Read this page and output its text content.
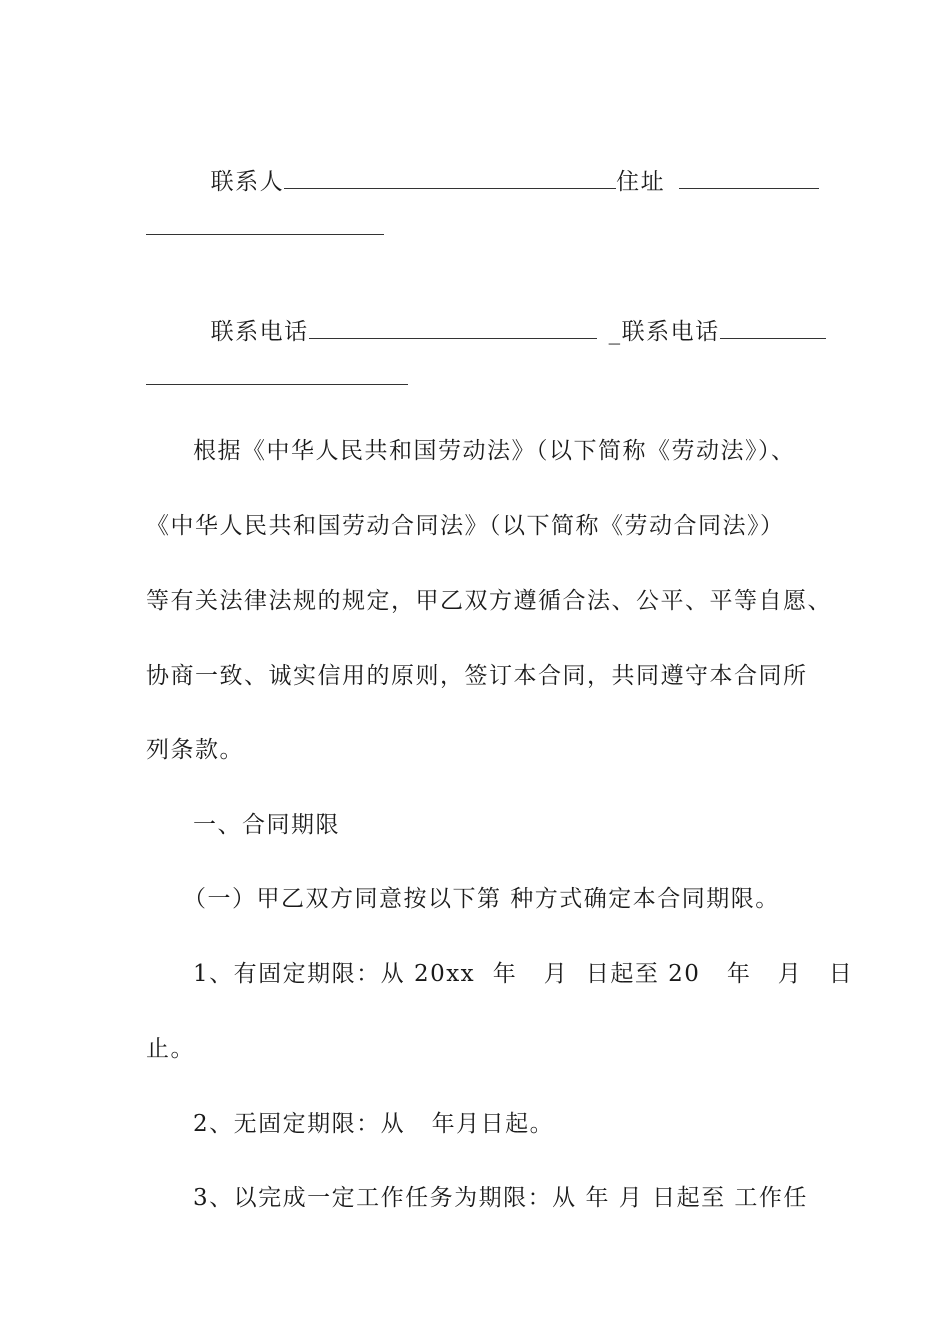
联系人	住址

联系电话	_联系电话

根据《中华人民共和国劳动法》（以下简称《劳动法》）、
《中华人民共和国劳动合同法》（以下简称《劳动合同法》）
等有关法律法规的规定，甲乙双方遵循合法、公平、平等自愿、
协商一致、诚实信用的原则，签订本合同，共同遵守本合同所
列条款。
一、合同期限
（一）甲乙双方同意按以下第 种方式确定本合同期限。
1、有固定期限：从 20xx  年   月  日起至 20   年   月   日
止。
2、无固定期限：从   年月日起。
3、以完成一定工作任务为期限：从 年 月 日起至 工作任
